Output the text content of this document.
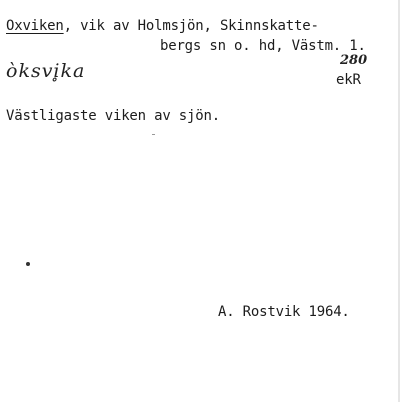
Oxviken, vik av Holmsjön, Skinnskatte-
bergs sn o. hd, Västm. 1.
òksvi̥ka	280
ekR
Västligaste viken av sjön.
A. Rostvik 1964.
